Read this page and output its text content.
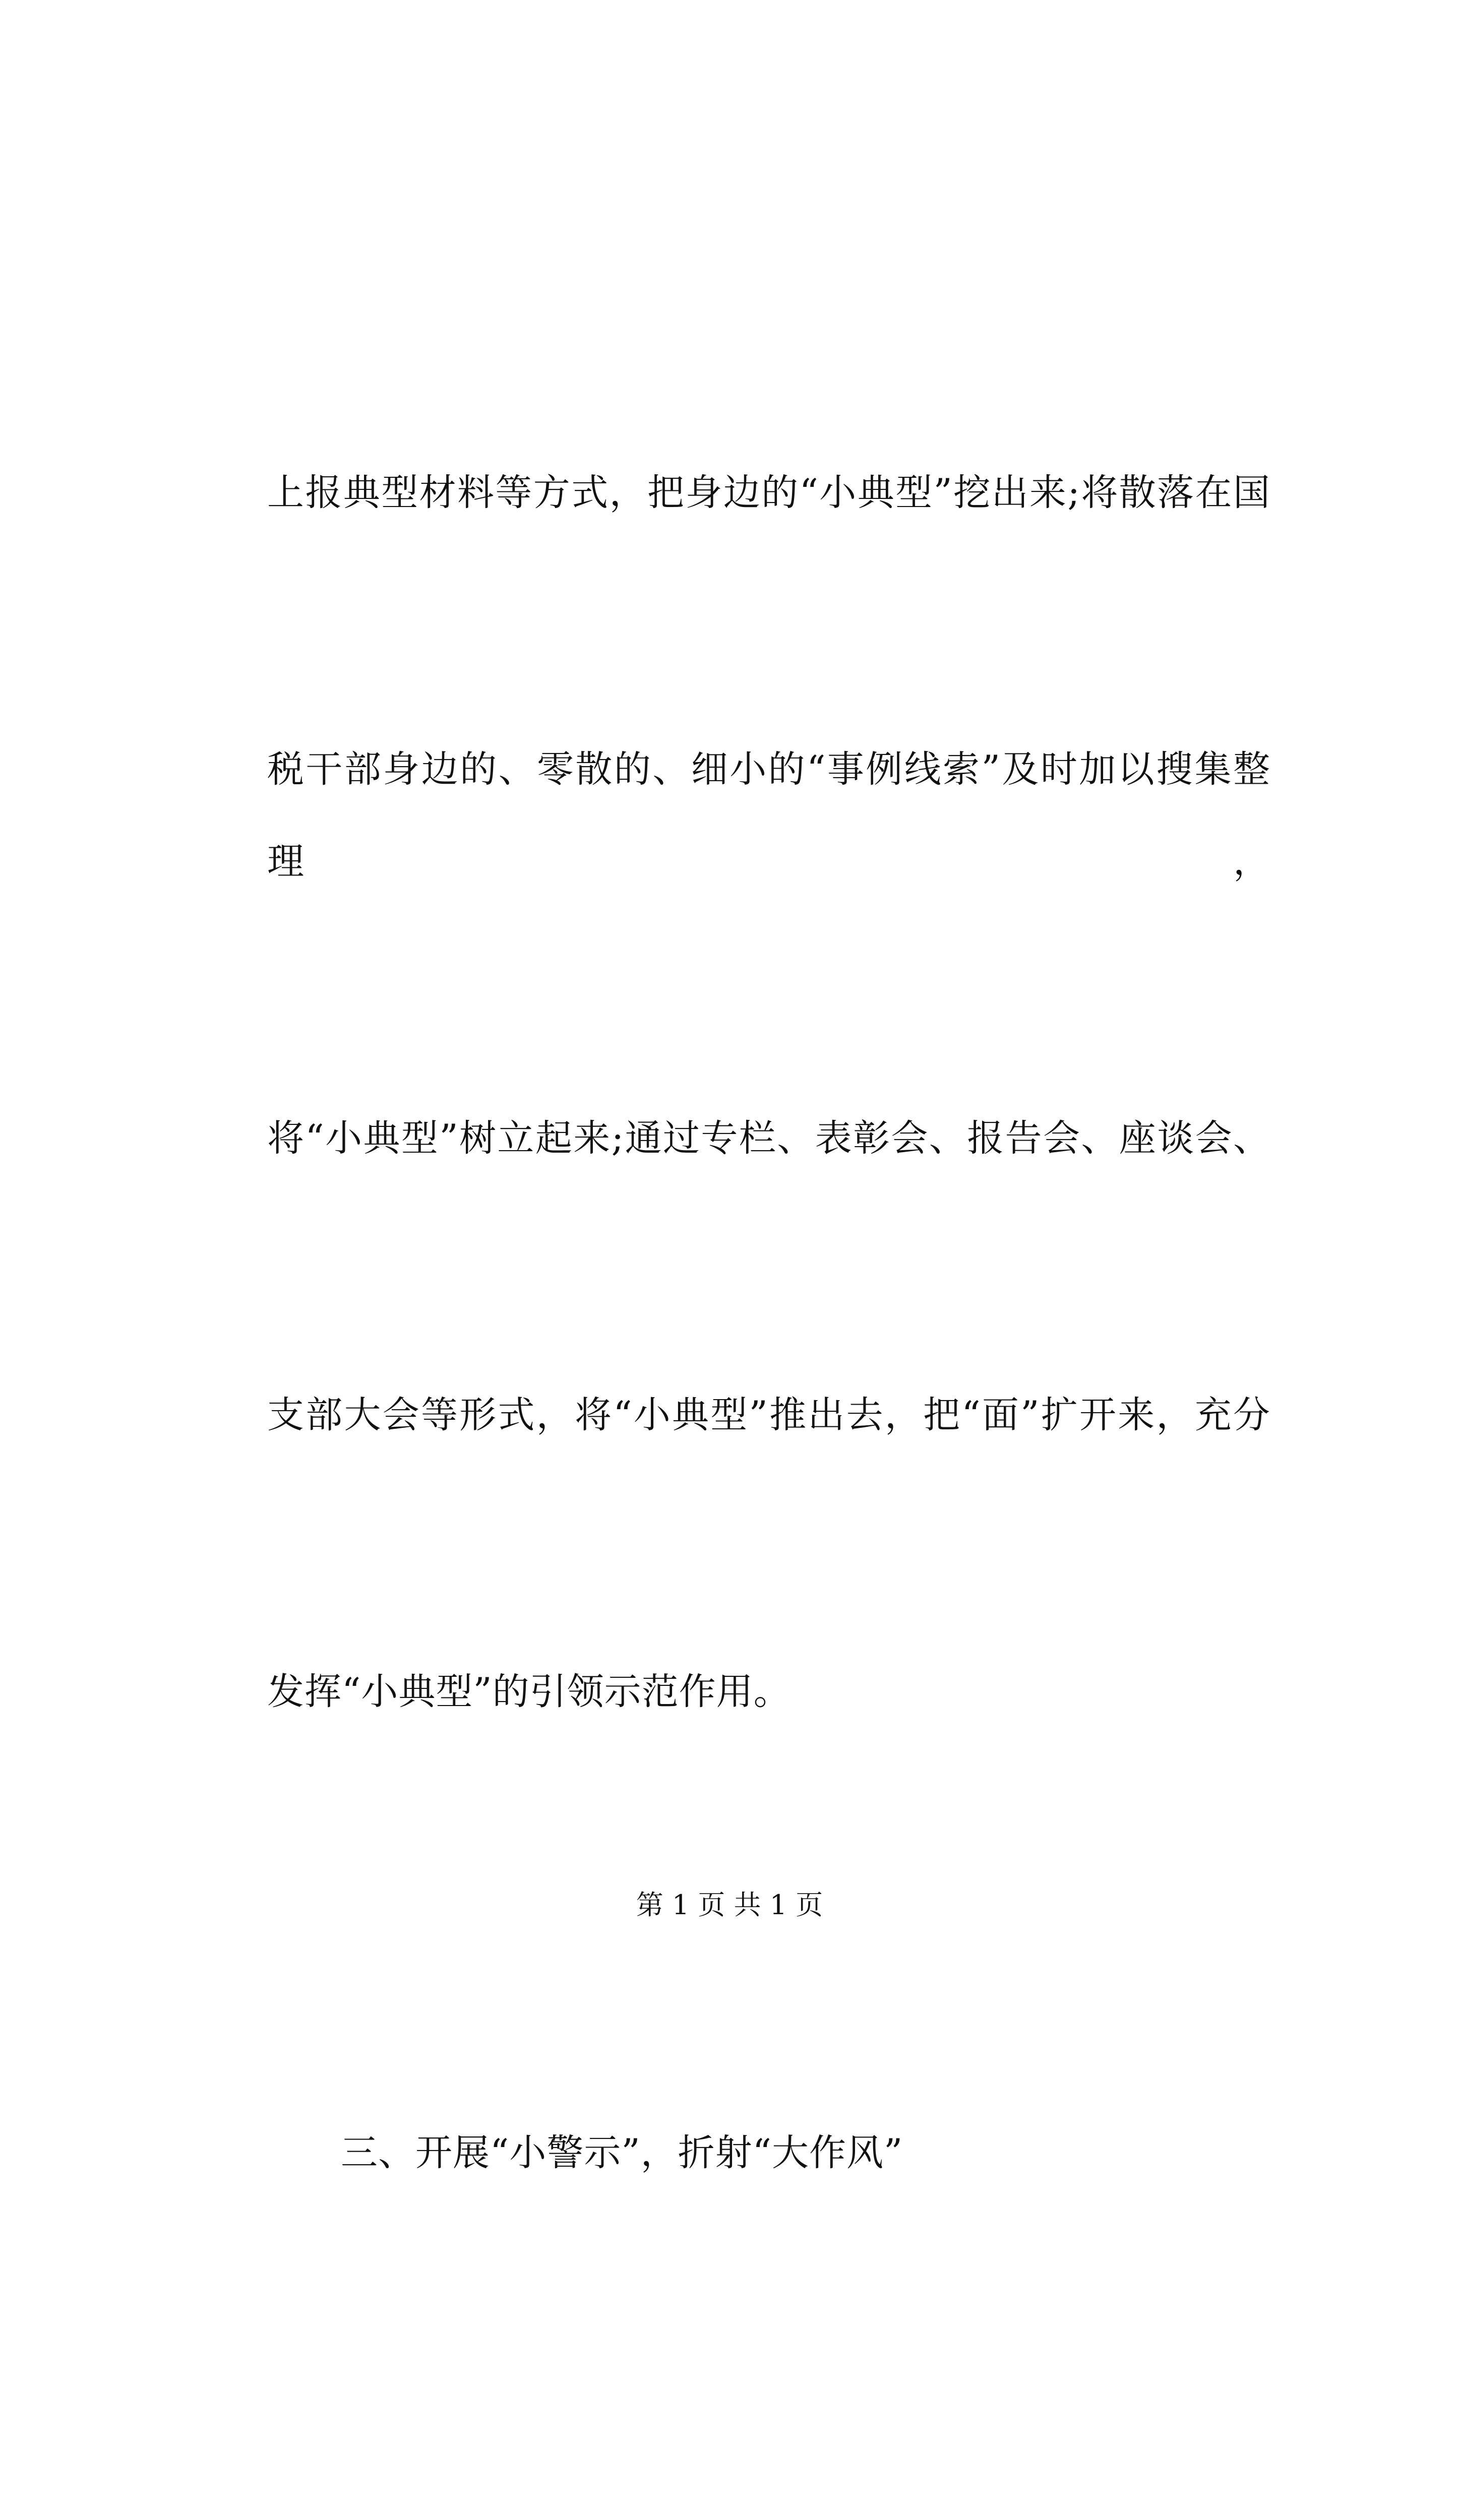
上报典型材料等方式，把身边的“小典型”挖出来;将散落在国

税干部身边的、零散的、细小的“事例线索”及时加以搜集整理，

将“小典型”树立起来;通过专栏、表彰会、报告会、座谈会、

支部大会等形式，将“小典型”推出去，把“面”扩开来，充分

发挥“小典型”的引领示范作用。

三、开展“小警示”，折射“大作风”

第 1 页 共 1 页
